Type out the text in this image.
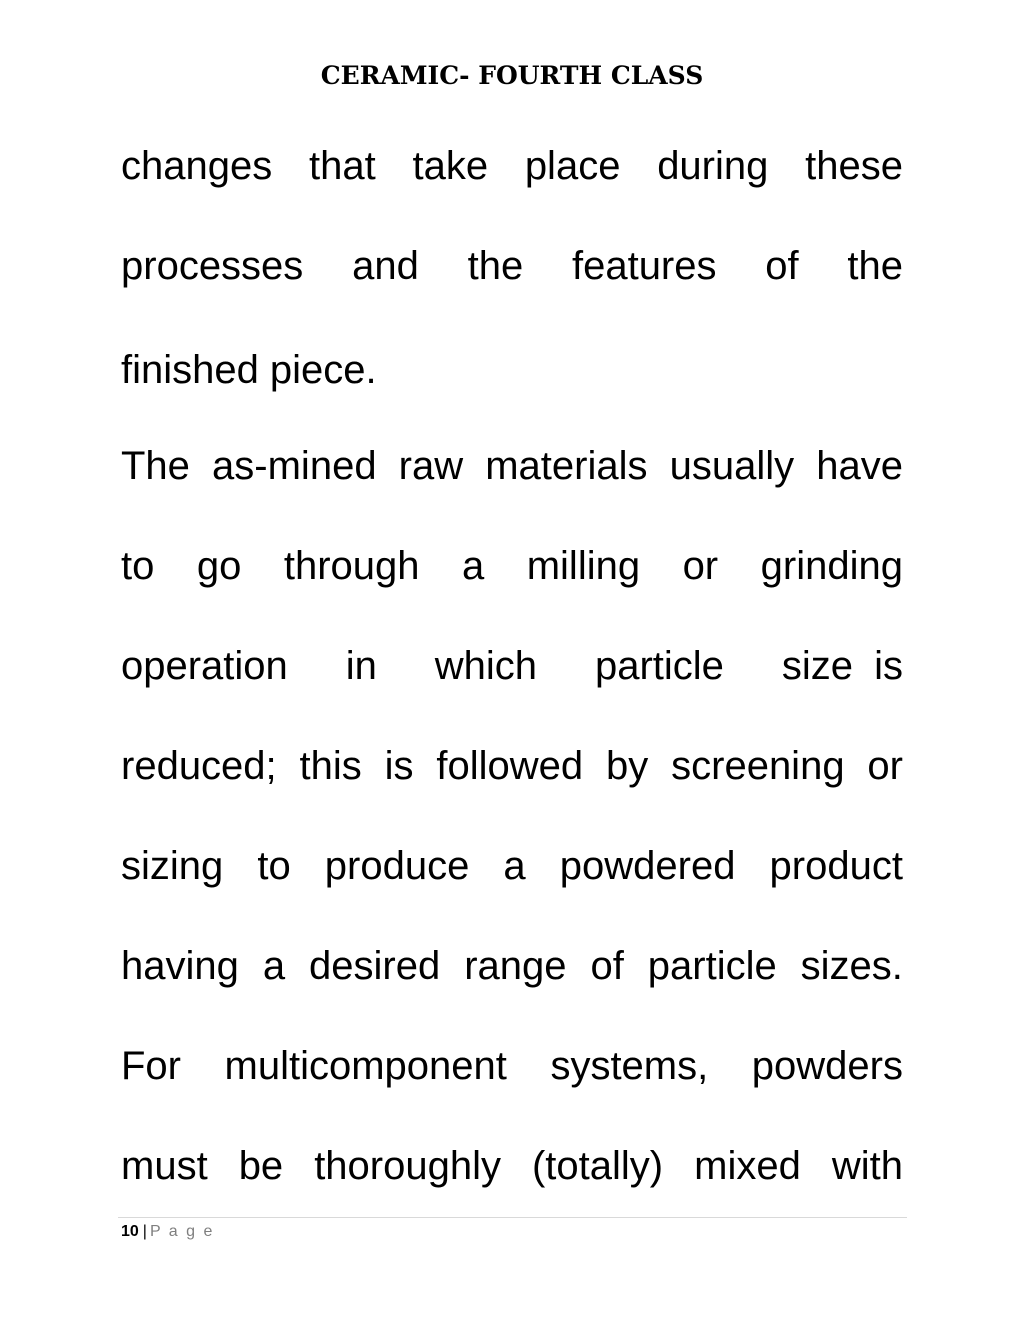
CERAMIC- FOURTH CLASS
changes that take place during these
processes and the features of the
finished piece.
The as-mined raw materials usually have
to go through a milling or grinding
operation in which particle size is
reduced; this is followed by screening or
sizing to produce a powdered product
having a desired range of particle sizes.
For multicomponent systems, powders
must be thoroughly (totally) mixed with
10 | P a g e
